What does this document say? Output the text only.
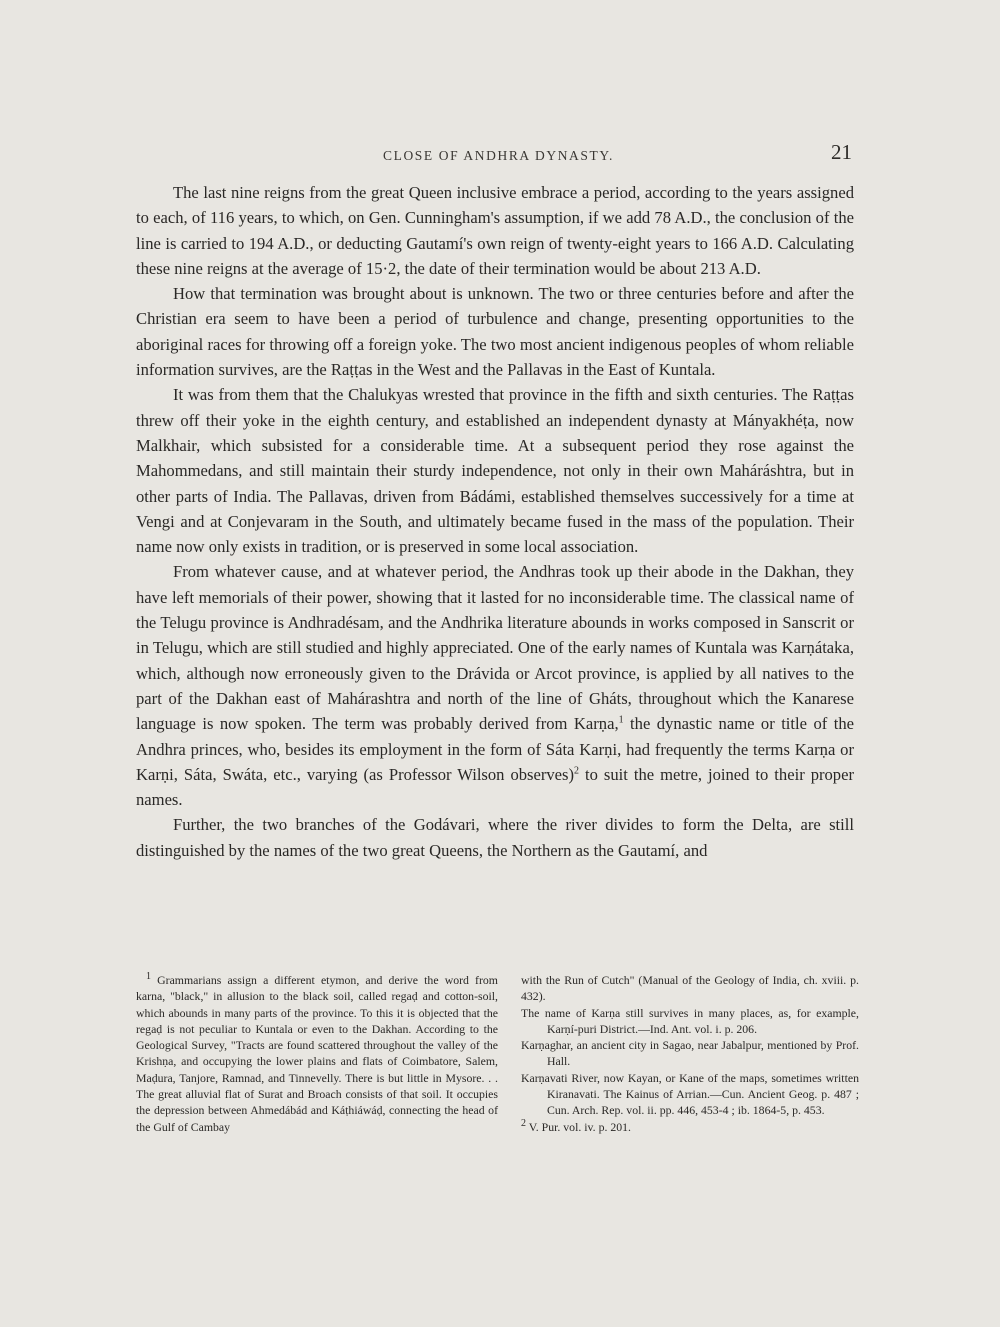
CLOSE OF ANDHRA DYNASTY.	21

The last nine reigns from the great Queen inclusive embrace a period, according to the years assigned to each, of 116 years, to which, on Gen. Cunningham's assumption, if we add 78 A.D., the conclusion of the line is carried to 194 A.D., or deducting Gautamí's own reign of twenty-eight years to 166 A.D. Calculating these nine reigns at the average of 15·2, the date of their termination would be about 213 A.D.

How that termination was brought about is unknown. The two or three centuries before and after the Christian era seem to have been a period of turbulence and change, presenting opportunities to the aboriginal races for throwing off a foreign yoke. The two most ancient indigenous peoples of whom reliable information survives, are the Raṭṭas in the West and the Pallavas in the East of Kuntala.

It was from them that the Chalukyas wrested that province in the fifth and sixth centuries. The Raṭṭas threw off their yoke in the eighth century, and established an independent dynasty at Mányakhéṭa, now Malkhair, which subsisted for a considerable time. At a subsequent period they rose against the Mahommedans, and still maintain their sturdy independence, not only in their own Maháráshtra, but in other parts of India. The Pallavas, driven from Bádámi, established themselves successively for a time at Vengi and at Conjevaram in the South, and ultimately became fused in the mass of the population. Their name now only exists in tradition, or is preserved in some local association.

From whatever cause, and at whatever period, the Andhras took up their abode in the Dakhan, they have left memorials of their power, showing that it lasted for no inconsiderable time. The classical name of the Telugu province is Andhradésam, and the Andhrika literature abounds in works composed in Sanscrit or in Telugu, which are still studied and highly appreciated. One of the early names of Kuntala was Karṇátaka, which, although now erroneously given to the Drávida or Arcot province, is applied by all natives to the part of the Dakhan east of Mahárashtra and north of the line of Gháts, throughout which the Kanarese language is now spoken. The term was probably derived from Karṇa,$^1$ the dynastic name or title of the Andhra princes, who, besides its employment in the form of Sáta Karṇi, had frequently the terms Karṇa or Karṇi, Sáta, Swáta, etc., varying (as Professor Wilson observes)$^2$ to suit the metre, joined to their proper names.

Further, the two branches of the Godávari, where the river divides to form the Delta, are still distinguished by the names of the two great Queens, the Northern as the Gautamí, and

$^1$ Grammarians assign a different etymon, and derive the word from karna, "black," in allusion to the black soil, called regaḍ and cotton-soil, which abounds in many parts of the province. To this it is objected that the regaḍ is not peculiar to Kuntala or even to the Dakhan. According to the Geological Survey, "Tracts are found scattered throughout the valley of the Krishṇa, and occupying the lower plains and flats of Coimbatore, Salem, Maḍura, Tanjore, Ramnad, and Tinnevelly. There is but little in Mysore. . . The great alluvial flat of Surat and Broach consists of that soil. It occupies the depression between Ahmedábád and Káṭhiáwáḍ, connecting the head of the Gulf of Cambay

with the Run of Cutch" (Manual of the Geology of India, ch. xviii. p. 432).

The name of Karṇa still survives in many places, as, for example, Karṇí-puri District.—Ind. Ant. vol. i. p. 206.

Karṇaghar, an ancient city in Sagao, near Jabalpur, mentioned by Prof. Hall.

Karṇavati River, now Kayan, or Kane of the maps, sometimes written Kiranavati. The Kainus of Arrian.—Cun. Ancient Geog. p. 487 ; Cun. Arch. Rep. vol. ii. pp. 446, 453-4 ; ib. 1864-5, p. 453.

$^2$ V. Pur. vol. iv. p. 201.
